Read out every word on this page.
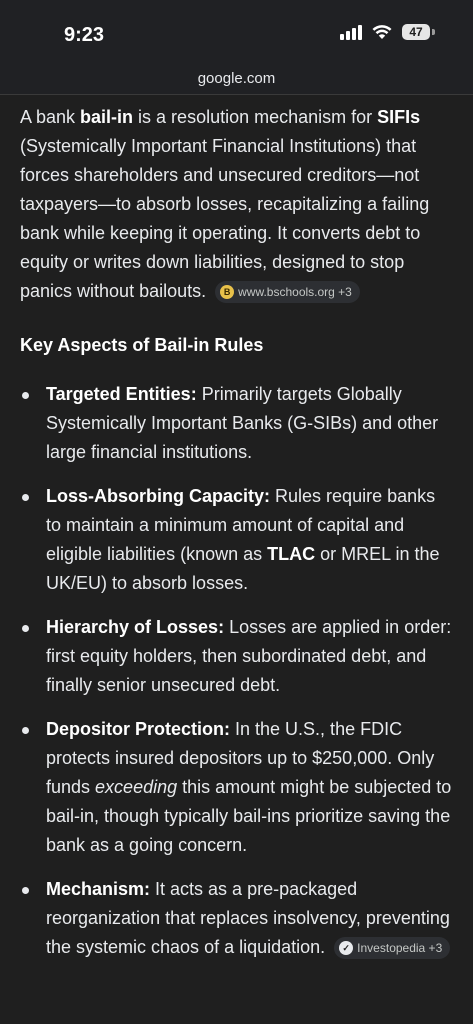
9:23	47
google.com

A bank bail-in is a resolution mechanism for SIFIs (Systemically Important Financial Institutions) that forces shareholders and unsecured creditors—not taxpayers—to absorb losses, recapitalizing a failing bank while keeping it operating. It converts debt to equity or writes down liabilities, designed to stop panics without bailouts.	B www.bschools.org +3

Key Aspects of Bail-in Rules
Targeted Entities: Primarily targets Globally Systemically Important Banks (G-SIBs) and other large financial institutions.
Loss-Absorbing Capacity: Rules require banks to maintain a minimum amount of capital and eligible liabilities (known as TLAC or MREL in the UK/EU) to absorb losses.
Hierarchy of Losses: Losses are applied in order: first equity holders, then subordinated debt, and finally senior unsecured debt.
Depositor Protection: In the U.S., the FDIC protects insured depositors up to $250,000. Only funds exceeding this amount might be subjected to bail-in, though typically bail-ins prioritize saving the bank as a going concern.
Mechanism: It acts as a pre-packaged reorganization that replaces insolvency, preventing the systemic chaos of a liquidation.	✓ Investopedia +3
